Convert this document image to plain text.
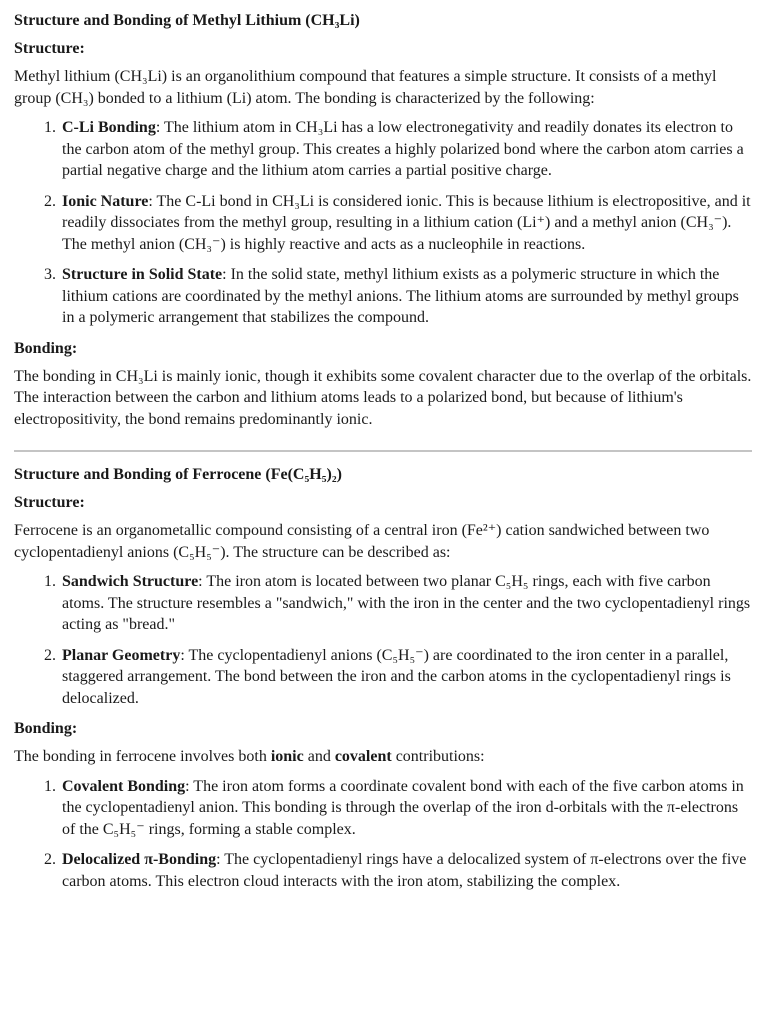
Structure and Bonding of Methyl Lithium (CH₃Li)
Structure:

Methyl lithium (CH₃Li) is an organolithium compound that features a simple structure. It consists of a methyl group (CH₃) bonded to a lithium (Li) atom. The bonding is characterized by the following:

1. C-Li Bonding: The lithium atom in CH₃Li has a low electronegativity and readily donates its electron to the carbon atom of the methyl group. This creates a highly polarized bond where the carbon atom carries a partial negative charge and the lithium atom carries a partial positive charge.
2. Ionic Nature: The C-Li bond in CH₃Li is considered ionic. This is because lithium is electropositive, and it readily dissociates from the methyl group, resulting in a lithium cation (Li⁺) and a methyl anion (CH₃⁻). The methyl anion (CH₃⁻) is highly reactive and acts as a nucleophile in reactions.
3. Structure in Solid State: In the solid state, methyl lithium exists as a polymeric structure in which the lithium cations are coordinated by the methyl anions. The lithium atoms are surrounded by methyl groups in a polymeric arrangement that stabilizes the compound.
Bonding:

The bonding in CH₃Li is mainly ionic, though it exhibits some covalent character due to the overlap of the orbitals. The interaction between the carbon and lithium atoms leads to a polarized bond, but because of lithium's electropositivity, the bond remains predominantly ionic.

Structure and Bonding of Ferrocene (Fe(C₅H₅)₂)
Structure:

Ferrocene is an organometallic compound consisting of a central iron (Fe²⁺) cation sandwiched between two cyclopentadienyl anions (C₅H₅⁻). The structure can be described as:

1. Sandwich Structure: The iron atom is located between two planar C₅H₅ rings, each with five carbon atoms. The structure resembles a "sandwich," with the iron in the center and the two cyclopentadienyl rings acting as "bread."
2. Planar Geometry: The cyclopentadienyl anions (C₅H₅⁻) are coordinated to the iron center in a parallel, staggered arrangement. The bond between the iron and the carbon atoms in the cyclopentadienyl rings is delocalized.
Bonding:

The bonding in ferrocene involves both ionic and covalent contributions:

1. Covalent Bonding: The iron atom forms a coordinate covalent bond with each of the five carbon atoms in the cyclopentadienyl anion. This bonding is through the overlap of the iron d-orbitals with the π-electrons of the C₅H₅⁻ rings, forming a stable complex.
2. Delocalized π-Bonding: The cyclopentadienyl rings have a delocalized system of π-electrons over the five carbon atoms. This electron cloud interacts with the iron atom, stabilizing the complex.
